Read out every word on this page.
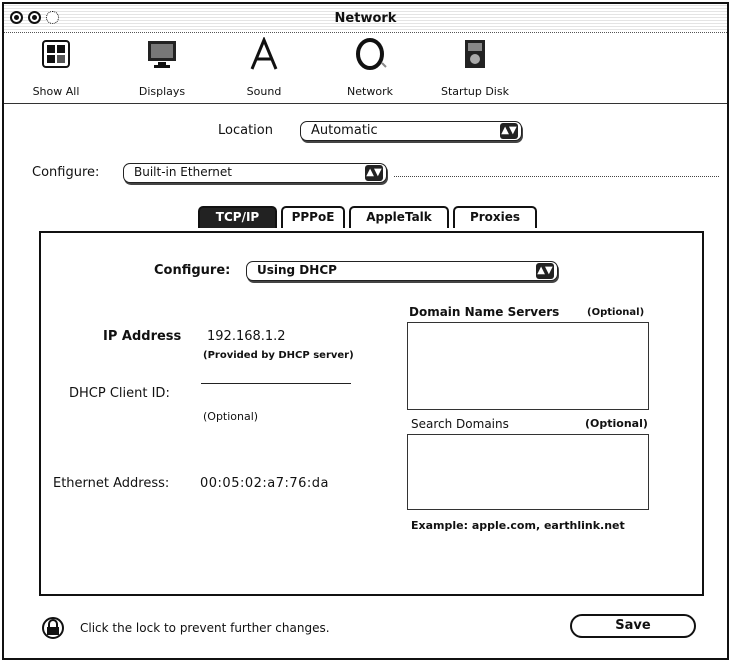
Network
Show All	Displays	Sound	Network	Startup Disk
Location	Automatic	▲▼
Configure:	Built-in Ethernet	▲▼
TCP/IP	PPPoE	AppleTalk	Proxies
Configure:	Using DHCP	▲▼
IP Address 192.168.1.2
(Provided by DHCP server)
DHCP Client ID:
(Optional)
Ethernet Address: 00:05:02:a7:76:da
Domain Name Servers	(Optional)
Search Domains	(Optional)
Example: apple.com, earthlink.net
Click the lock to prevent further changes.	Save
